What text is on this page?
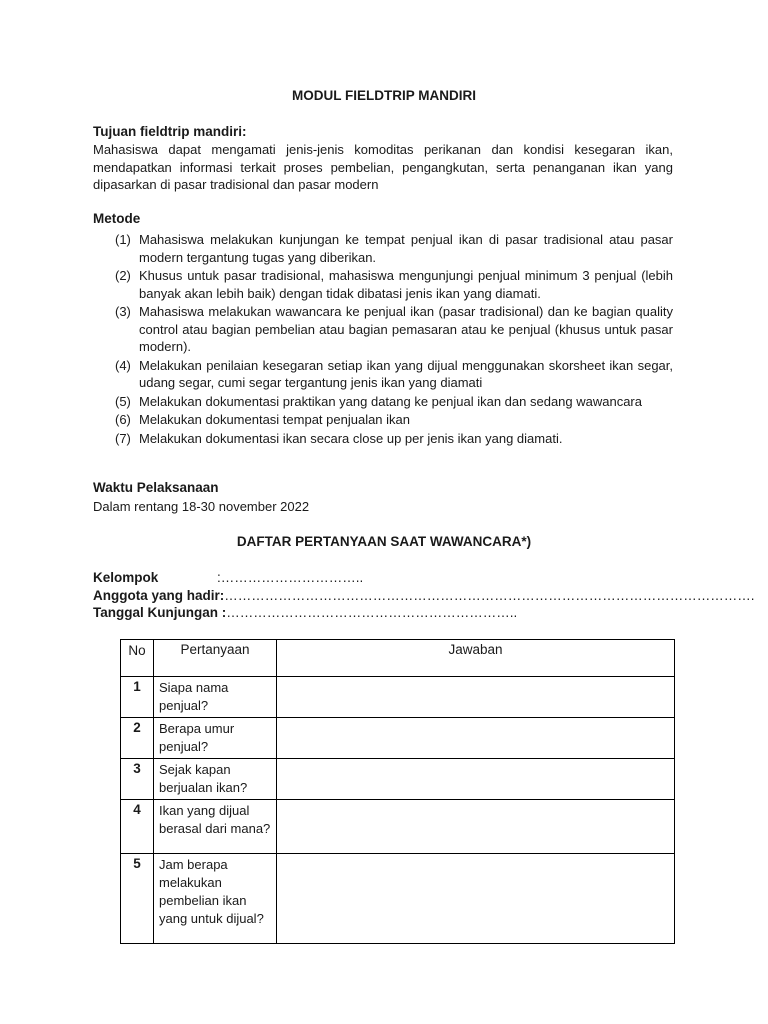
MODUL FIELDTRIP MANDIRI
Tujuan fieldtrip mandiri:
Mahasiswa dapat mengamati jenis-jenis komoditas perikanan dan kondisi kesegaran ikan, mendapatkan informasi terkait proses pembelian, pengangkutan, serta penanganan ikan yang dipasarkan di pasar tradisional dan pasar modern
Metode
(1) Mahasiswa melakukan kunjungan ke tempat penjual ikan di pasar tradisional atau pasar modern tergantung tugas yang diberikan.
(2) Khusus untuk pasar tradisional, mahasiswa mengunjungi penjual minimum 3 penjual (lebih banyak akan lebih baik) dengan tidak dibatasi jenis ikan yang diamati.
(3) Mahasiswa melakukan wawancara ke penjual ikan (pasar tradisional) dan ke bagian quality control atau bagian pembelian atau bagian pemasaran atau ke penjual (khusus untuk pasar modern).
(4) Melakukan penilaian kesegaran setiap ikan yang dijual menggunakan skorsheet ikan segar, udang segar, cumi segar tergantung jenis ikan yang diamati
(5) Melakukan dokumentasi praktikan yang datang ke penjual ikan dan sedang wawancara
(6) Melakukan dokumentasi tempat penjualan ikan
(7) Melakukan dokumentasi ikan secara close up per jenis ikan yang diamati.
Waktu Pelaksanaan
Dalam rentang 18-30 november 2022
DAFTAR PERTANYAAN SAAT WAWANCARA*)
Kelompok	:…………………………..
Anggota yang hadir:……………………………………………………………………………………………………….
Tanggal Kunjungan :………………………………………………………..
No	Pertanyaan	Jawaban
1	Siapa nama penjual?	
2	Berapa umur penjual?	
3	Sejak kapan berjualan ikan?	
4	Ikan yang dijual berasal dari mana?	
5	Jam berapa melakukan pembelian ikan yang untuk dijual?	
